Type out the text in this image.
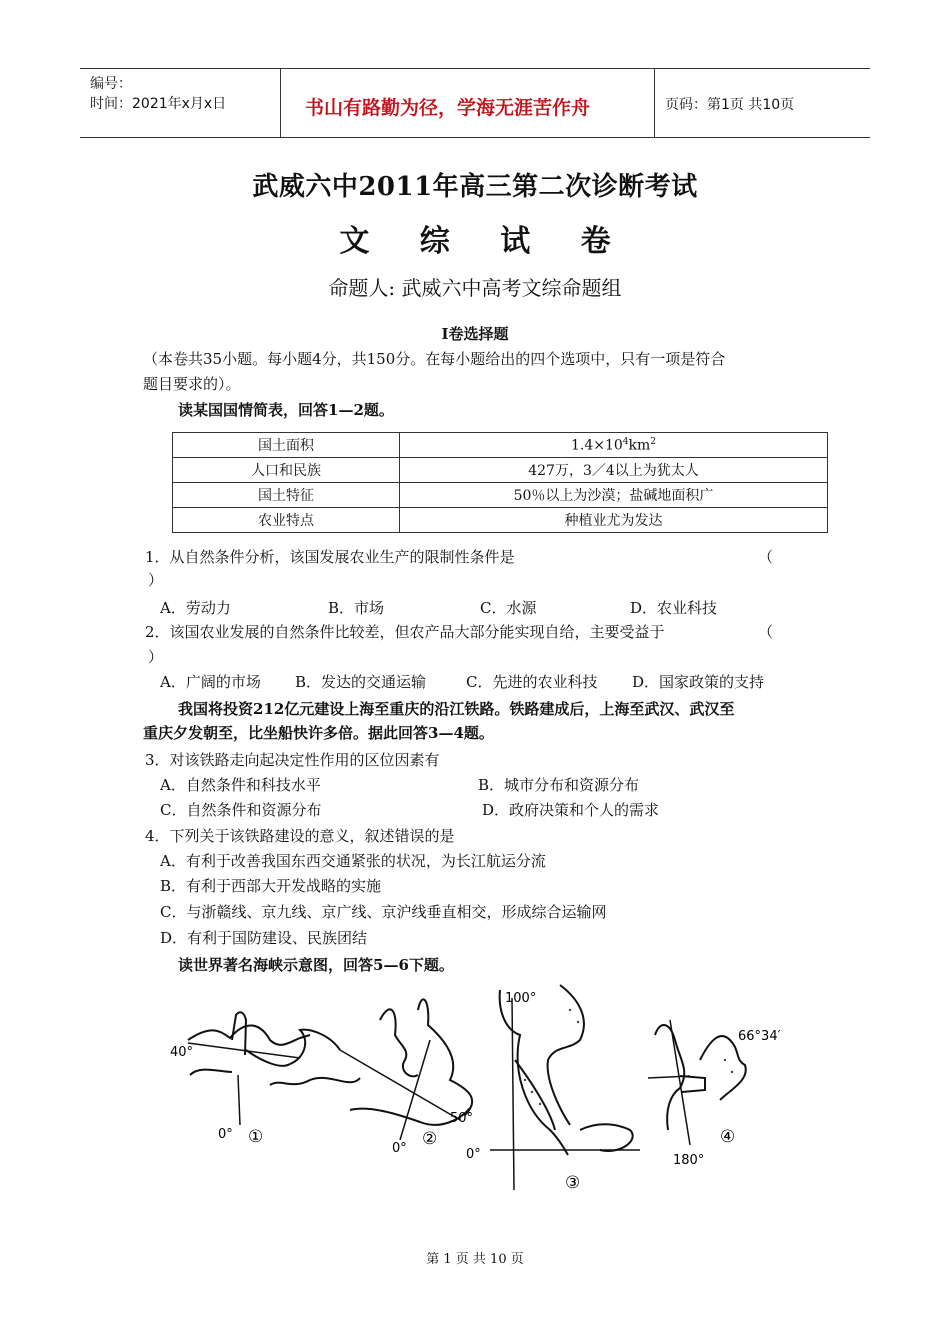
编号：
时间：2021年x月x日	书山有路勤为径，学海无涯苦作舟	页码：第1页 共10页
武威六中2011年高三第二次诊断考试
文 综 试 卷
命题人: 武威六中高考文综命题组
Ⅰ卷选择题
（本卷共35小题。每小题4分，共150分。在每小题给出的四个选项中，只有一项是符合
题目要求的）。
读某国国情简表，回答1—2题。
国土面积	$1.4\times 10^4km^2$
人口和民族	427万，3／4以上为犹太人
国土特征	50％以上为沙漠；盐碱地面积广
农业特点	种植业尤为发达
1．从自然条件分析，该国发展农业生产的限制性条件是	（
）
A．劳动力	B．市场	C．水源	D．农业科技
2．该国农业发展的自然条件比较差，但农产品大部分能实现自给，主要受益于	（
）
A．广阔的市场 B．发达的交通运输	C．先进的农业科技 D．国家政策的支持
我国将投资212亿元建设上海至重庆的沿江铁路。铁路建成后，上海至武汉、武汉至
重庆夕发朝至，比坐船快许多倍。据此回答3—4题。
3．对该铁路走向起决定性作用的区位因素有
A．自然条件和科技水平	B．城市分布和资源分布
C．自然条件和资源分布	D．政府决策和个人的需求
4．下列关于该铁路建设的意义，叙述错误的是
A．有利于改善我国东西交通紧张的状况，为长江航运分流
B．有利于西部大开发战略的实施
C．与浙赣线、京九线、京广线、京沪线垂直相交，形成综合运输网
D．有利于国防建设、民族团结
读世界著名海峡示意图，回答5—6下题。
40°
0° ①
50°
0° ②
100°
0°
③
66°34′
180°
④
第 1 页 共 10 页
